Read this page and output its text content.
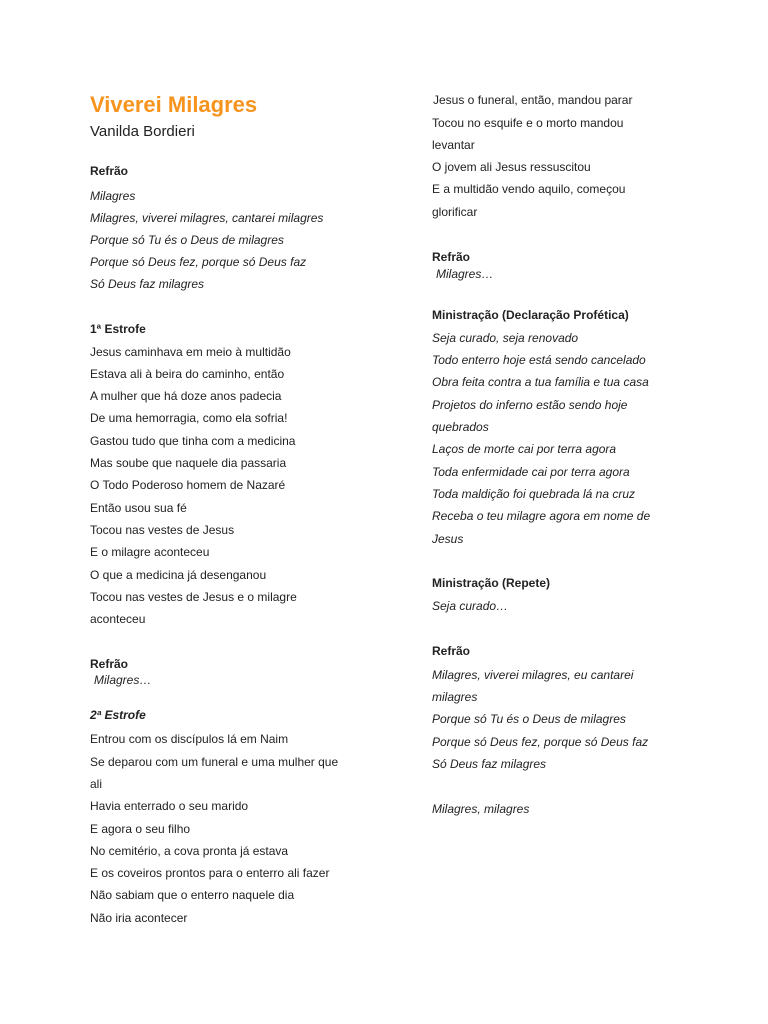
Viverei Milagres
Vanilda Bordieri
Refrão
Milagres
Milagres, viverei milagres, cantarei milagres
Porque só Tu és o Deus de milagres
Porque só Deus fez, porque só Deus faz
Só Deus faz milagres
1ª Estrofe
Jesus caminhava em meio à multidão
Estava ali à beira do caminho, então
A mulher que há doze anos padecia
De uma hemorragia, como ela sofria!
Gastou tudo que tinha com a medicina
Mas soube que naquele dia passaria
O Todo Poderoso homem de Nazaré
Então usou sua fé
Tocou nas vestes de Jesus
E o milagre aconteceu
O que a medicina já desenganou
Tocou nas vestes de Jesus e o milagre
aconteceu
Refrão
Milagres…
2ª Estrofe
Entrou com os discípulos lá em Naim
Se deparou com um funeral e uma mulher que
ali
Havia enterrado o seu marido
E agora o seu filho
No cemitério, a cova pronta já estava
E os coveiros prontos para o enterro ali fazer
Não sabiam que o enterro naquele dia
Não iria acontecer
Jesus o funeral, então, mandou parar
Tocou no esquife e o morto mandou
levantar
O jovem ali Jesus ressuscitou
E a multidão vendo aquilo, começou
glorificar
Refrão
Milagres…
Ministração (Declaração Profética)
Seja curado, seja renovado
Todo enterro hoje está sendo cancelado
Obra feita contra a tua família e tua casa
Projetos do inferno estão sendo hoje
quebrados
Laços de morte cai por terra agora
Toda enfermidade cai por terra agora
Toda maldição foi quebrada lá na cruz
Receba o teu milagre agora em nome de
Jesus
Ministração (Repete)
Seja curado…
Refrão
Milagres, viverei milagres, eu cantarei
milagres
Porque só Tu és o Deus de milagres
Porque só Deus fez, porque só Deus faz
Só Deus faz milagres
Milagres, milagres
